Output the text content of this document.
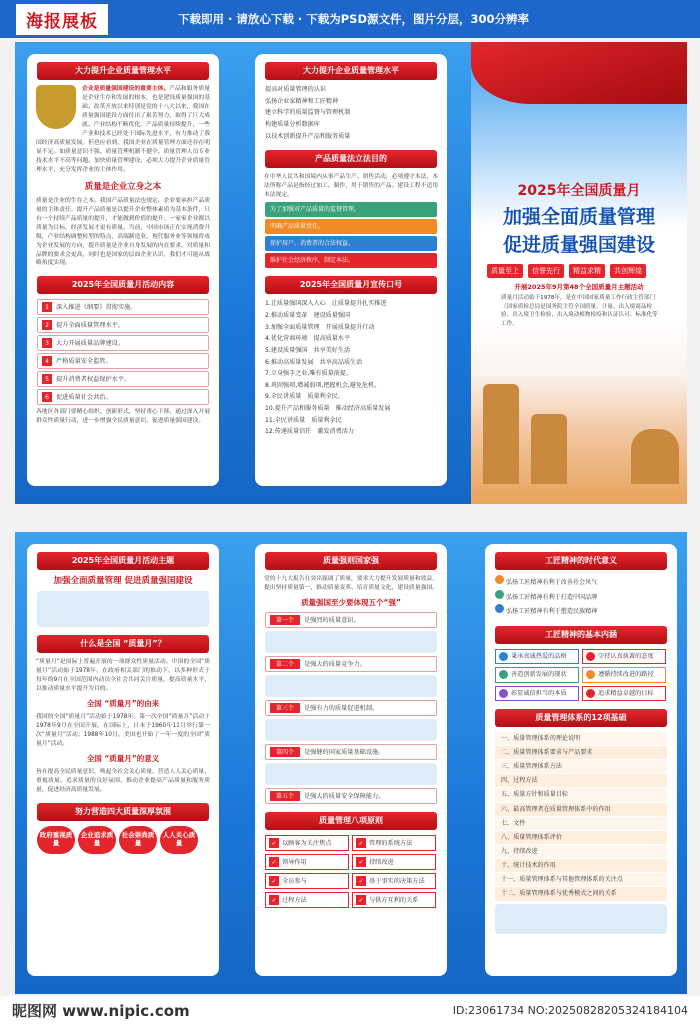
海报展板	下载即用 · 请放心下载 · 下载为PSD源文件，图片分层，300分辨率
大力提升企业质量管理水平
企业是质量强国建设的重要主体。产品和服务质量是企业生存和发展的根本，也是建设质量强国的基础。改革开放以来特别是党的十八大以来，我国在质量强国建设方面付出了艰苦努力，取得了巨大成就。产业结构不断优化，产品质量持续提升，一些产业和技术已经处于国际先进水平，有力推动了我国经济高质量发展。但也应看到，我国企业在质量管理方面还存在明显不足。如质量意识不强、质量管理机制不健全、质量管理人员专业技术水平不高等问题。加快质量管理建设，必须大力提升企业质量管理水平，充分发挥企业的主体作用。
质量是企业立身之本
质量是企业的生存之本。我国产品质量法也规定，企业要承担产品质量的主体责任。提升产品质量是以提升企业整体素质为基本条件，只有一个持续产品质量的提升，才能做到价值的提升。一家家企业都以质量为目标，经济发展才更有质量。当前，中国市场正在实现消费升级，产业结构调整转型的特点，高端制造业、现代服务业等领域将成为企业发展的方向，提升质量是企业自身发展的内在要求，对质量和品牌的要求会更高，同时也是国家的层面企业认识，我们才可能从战略角度实现。
2025年全国质量月活动内容
1	深入推进《纲要》贯彻实施。
2	提升全面质量管理水平。
3	大力开展质量品牌建设。
4	严格质量安全监管。
5	提升消费者权益保护水平。
6	促进质量社会共治。
各地区各部门要精心组织、创新形式，坚持重心下移，通过深入开展群众性质量行动，进一步增强全民质量意识，促进质量强国建设。
大力提升企业质量管理水平
提高对质量管理的认识
弘扬企业家精神和工匠精神
建立科学的质量监督与管理机制
构建质量分析数据库
以技术创新提升产品和服务质量
产品质量法立法目的
在中华人民共和国境内从事产品生产、销售活动，必须遵守本法。本法所称产品是指经过加工、制作，用于销售的产品。建设工程不适用本法规定。
为了加强对产品质量的监督管理。
明确产品质量责任。
保护用户、消费者的合法权益。
维护社会经济秩序，制定本法。
2025年全国质量月宣传口号
1.让质量强国深入人心　让质量提升扎实推进
2.推动质量变革　建设质量强国
3.加强全面质量管理　开展质量提升行动
4.优化营商环境　提高质量水平
5.建设质量强国　共享美好生活
6.推动高质量发展　共享高品质生活
7.立身强手之业,唯有质量前提。
8.巩固强项,增减弱项,把握机会,避免危机。
9.全民讲质量　质量利全民。
10.提升产品和服务质量　推动经济高质量发展
11.全民讲质量　质量利全民
12.传递质量信任　激发消费活力
2025年全国质量月
加强全面质量管理
促进质量强国建设
质量至上	信誉先行	精益求精	共创辉煌
开展2025年9月第48个全国质量月主题活动
质量月活动始于1978年，是在中国国家质量工作行政主管部门（国家质检总局是国务院主管全国质量、计量、出入境商品检验、出入境卫生检验、出入境动植物检疫和认证认可、标准化等工作。
2025年全国质量月活动主题
加强全面质量管理 促进质量强国建设
什么是全国 “质量月”？
“质量月”是国际上普遍开展的一项群众性质量活动。中国的全国“质量月”活动始于1978年，在政府相关部门的推动下，以多种形式于每年的9月在全国范围内动员全社会共同关注质量，提高质量水平，以推动质量水平提升为目的。
全国 “质量月”的由来
我国的全国“质量月”活动始于1978年。第一次全国“质量月”活动于1978年9月在全国开展。在国际上，日本于1960年11月举行第一次“质量月”活动；1988年10月，美国也开始了一年一度的全国“质量月”活动。
全国 “质量月”的意义
旨在提高全民质量意识，唤起全社会关心质量，营造人人关心质量、重视质量、追求质量的良好氛围，推动企业提高产品质量和服务质量，促进经济高质量发展。
努力营造四大质量深厚氛围
政府重视质量
企业追求质量
社会崇尚质量
人人关心质量
质量强则国家强
党的十九大报告在突出强调了质量，要求大力提升发展质量和效益，提出坚持质量第一、推动质量变革、培育质量文化，建设质量强国。
质量强国至少要体现五个“强”
第一个	是强烈的质量意识。
第二个	是强大的质量竞争力。
第三个	是强有力的质量促进机制。
第四个	是强健的国家质量基础设施。
第五个	是强大的质量安全保障能力。
质量管理八项原则
✓ 以顾客为关注焦点	✓ 管理的系统方法
✓ 领导作用	✓ 持续改进
✓ 全员参与	✓ 基于事实的决策方法
✓ 过程方法	✓ 与供方互利的关系
工匠精神的时代意义
弘扬工匠精神有利于改善社会风气
弘扬工匠精神有利于打造中国品牌
弘扬工匠精神有利于塑造民族精神
工匠精神的基本内涵
秉承真诚热爱的品格	守持认真执著的态度
善造创新发展的现状	遵循持续改进的路径
彰显诚信担当的本质	追求精益卓越的目标
质量管理体系的12项基础
一、质量管理体系的理论说明
二、质量管理体系要求与产品要求
三、质量管理体系方法
四、过程方法
五、质量方针和质量目标
六、最高管理者在质量管理体系中的作用
七、文件
八、质量管理体系评价
九、持续改进
十、统计技术的作用
十一、质量管理体系与其他管理体系的关注点
十二、质量管理体系与优秀模式之间的关系
昵图网 www.nipic.com	ID:23061734 NO:20250828205324184104
